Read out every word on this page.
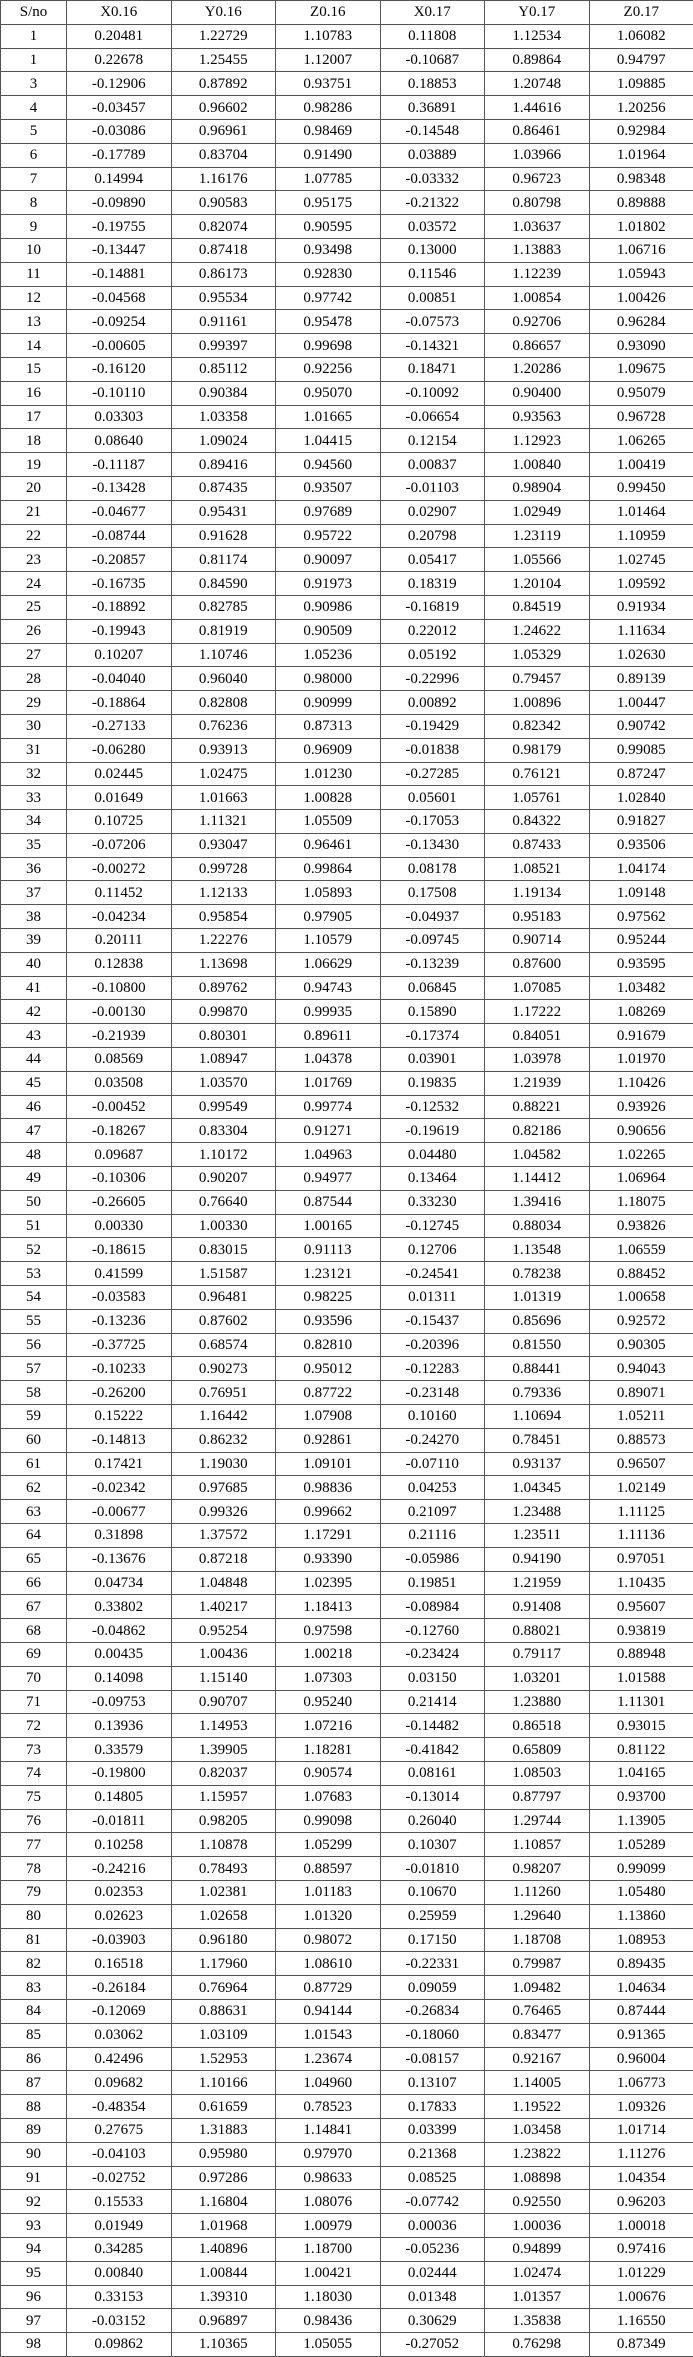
S/no	X0.16	Y0.16	Z0.16	X0.17	Y0.17	Z0.17
1	0.20481	1.22729	1.10783	0.11808	1.12534	1.06082
1	0.22678	1.25455	1.12007	-0.10687	0.89864	0.94797
3	-0.12906	0.87892	0.93751	0.18853	1.20748	1.09885
4	-0.03457	0.96602	0.98286	0.36891	1.44616	1.20256
5	-0.03086	0.96961	0.98469	-0.14548	0.86461	0.92984
6	-0.17789	0.83704	0.91490	0.03889	1.03966	1.01964
7	0.14994	1.16176	1.07785	-0.03332	0.96723	0.98348
8	-0.09890	0.90583	0.95175	-0.21322	0.80798	0.89888
9	-0.19755	0.82074	0.90595	0.03572	1.03637	1.01802
10	-0.13447	0.87418	0.93498	0.13000	1.13883	1.06716
11	-0.14881	0.86173	0.92830	0.11546	1.12239	1.05943
12	-0.04568	0.95534	0.97742	0.00851	1.00854	1.00426
13	-0.09254	0.91161	0.95478	-0.07573	0.92706	0.96284
14	-0.00605	0.99397	0.99698	-0.14321	0.86657	0.93090
15	-0.16120	0.85112	0.92256	0.18471	1.20286	1.09675
16	-0.10110	0.90384	0.95070	-0.10092	0.90400	0.95079
17	0.03303	1.03358	1.01665	-0.06654	0.93563	0.96728
18	0.08640	1.09024	1.04415	0.12154	1.12923	1.06265
19	-0.11187	0.89416	0.94560	0.00837	1.00840	1.00419
20	-0.13428	0.87435	0.93507	-0.01103	0.98904	0.99450
21	-0.04677	0.95431	0.97689	0.02907	1.02949	1.01464
22	-0.08744	0.91628	0.95722	0.20798	1.23119	1.10959
23	-0.20857	0.81174	0.90097	0.05417	1.05566	1.02745
24	-0.16735	0.84590	0.91973	0.18319	1.20104	1.09592
25	-0.18892	0.82785	0.90986	-0.16819	0.84519	0.91934
26	-0.19943	0.81919	0.90509	0.22012	1.24622	1.11634
27	0.10207	1.10746	1.05236	0.05192	1.05329	1.02630
28	-0.04040	0.96040	0.98000	-0.22996	0.79457	0.89139
29	-0.18864	0.82808	0.90999	0.00892	1.00896	1.00447
30	-0.27133	0.76236	0.87313	-0.19429	0.82342	0.90742
31	-0.06280	0.93913	0.96909	-0.01838	0.98179	0.99085
32	0.02445	1.02475	1.01230	-0.27285	0.76121	0.87247
33	0.01649	1.01663	1.00828	0.05601	1.05761	1.02840
34	0.10725	1.11321	1.05509	-0.17053	0.84322	0.91827
35	-0.07206	0.93047	0.96461	-0.13430	0.87433	0.93506
36	-0.00272	0.99728	0.99864	0.08178	1.08521	1.04174
37	0.11452	1.12133	1.05893	0.17508	1.19134	1.09148
38	-0.04234	0.95854	0.97905	-0.04937	0.95183	0.97562
39	0.20111	1.22276	1.10579	-0.09745	0.90714	0.95244
40	0.12838	1.13698	1.06629	-0.13239	0.87600	0.93595
41	-0.10800	0.89762	0.94743	0.06845	1.07085	1.03482
42	-0.00130	0.99870	0.99935	0.15890	1.17222	1.08269
43	-0.21939	0.80301	0.89611	-0.17374	0.84051	0.91679
44	0.08569	1.08947	1.04378	0.03901	1.03978	1.01970
45	0.03508	1.03570	1.01769	0.19835	1.21939	1.10426
46	-0.00452	0.99549	0.99774	-0.12532	0.88221	0.93926
47	-0.18267	0.83304	0.91271	-0.19619	0.82186	0.90656
48	0.09687	1.10172	1.04963	0.04480	1.04582	1.02265
49	-0.10306	0.90207	0.94977	0.13464	1.14412	1.06964
50	-0.26605	0.76640	0.87544	0.33230	1.39416	1.18075
51	0.00330	1.00330	1.00165	-0.12745	0.88034	0.93826
52	-0.18615	0.83015	0.91113	0.12706	1.13548	1.06559
53	0.41599	1.51587	1.23121	-0.24541	0.78238	0.88452
54	-0.03583	0.96481	0.98225	0.01311	1.01319	1.00658
55	-0.13236	0.87602	0.93596	-0.15437	0.85696	0.92572
56	-0.37725	0.68574	0.82810	-0.20396	0.81550	0.90305
57	-0.10233	0.90273	0.95012	-0.12283	0.88441	0.94043
58	-0.26200	0.76951	0.87722	-0.23148	0.79336	0.89071
59	0.15222	1.16442	1.07908	0.10160	1.10694	1.05211
60	-0.14813	0.86232	0.92861	-0.24270	0.78451	0.88573
61	0.17421	1.19030	1.09101	-0.07110	0.93137	0.96507
62	-0.02342	0.97685	0.98836	0.04253	1.04345	1.02149
63	-0.00677	0.99326	0.99662	0.21097	1.23488	1.11125
64	0.31898	1.37572	1.17291	0.21116	1.23511	1.11136
65	-0.13676	0.87218	0.93390	-0.05986	0.94190	0.97051
66	0.04734	1.04848	1.02395	0.19851	1.21959	1.10435
67	0.33802	1.40217	1.18413	-0.08984	0.91408	0.95607
68	-0.04862	0.95254	0.97598	-0.12760	0.88021	0.93819
69	0.00435	1.00436	1.00218	-0.23424	0.79117	0.88948
70	0.14098	1.15140	1.07303	0.03150	1.03201	1.01588
71	-0.09753	0.90707	0.95240	0.21414	1.23880	1.11301
72	0.13936	1.14953	1.07216	-0.14482	0.86518	0.93015
73	0.33579	1.39905	1.18281	-0.41842	0.65809	0.81122
74	-0.19800	0.82037	0.90574	0.08161	1.08503	1.04165
75	0.14805	1.15957	1.07683	-0.13014	0.87797	0.93700
76	-0.01811	0.98205	0.99098	0.26040	1.29744	1.13905
77	0.10258	1.10878	1.05299	0.10307	1.10857	1.05289
78	-0.24216	0.78493	0.88597	-0.01810	0.98207	0.99099
79	0.02353	1.02381	1.01183	0.10670	1.11260	1.05480
80	0.02623	1.02658	1.01320	0.25959	1.29640	1.13860
81	-0.03903	0.96180	0.98072	0.17150	1.18708	1.08953
82	0.16518	1.17960	1.08610	-0.22331	0.79987	0.89435
83	-0.26184	0.76964	0.87729	0.09059	1.09482	1.04634
84	-0.12069	0.88631	0.94144	-0.26834	0.76465	0.87444
85	0.03062	1.03109	1.01543	-0.18060	0.83477	0.91365
86	0.42496	1.52953	1.23674	-0.08157	0.92167	0.96004
87	0.09682	1.10166	1.04960	0.13107	1.14005	1.06773
88	-0.48354	0.61659	0.78523	0.17833	1.19522	1.09326
89	0.27675	1.31883	1.14841	0.03399	1.03458	1.01714
90	-0.04103	0.95980	0.97970	0.21368	1.23822	1.11276
91	-0.02752	0.97286	0.98633	0.08525	1.08898	1.04354
92	0.15533	1.16804	1.08076	-0.07742	0.92550	0.96203
93	0.01949	1.01968	1.00979	0.00036	1.00036	1.00018
94	0.34285	1.40896	1.18700	-0.05236	0.94899	0.97416
95	0.00840	1.00844	1.00421	0.02444	1.02474	1.01229
96	0.33153	1.39310	1.18030	0.01348	1.01357	1.00676
97	-0.03152	0.96897	0.98436	0.30629	1.35838	1.16550
98	0.09862	1.10365	1.05055	-0.27052	0.76298	0.87349
